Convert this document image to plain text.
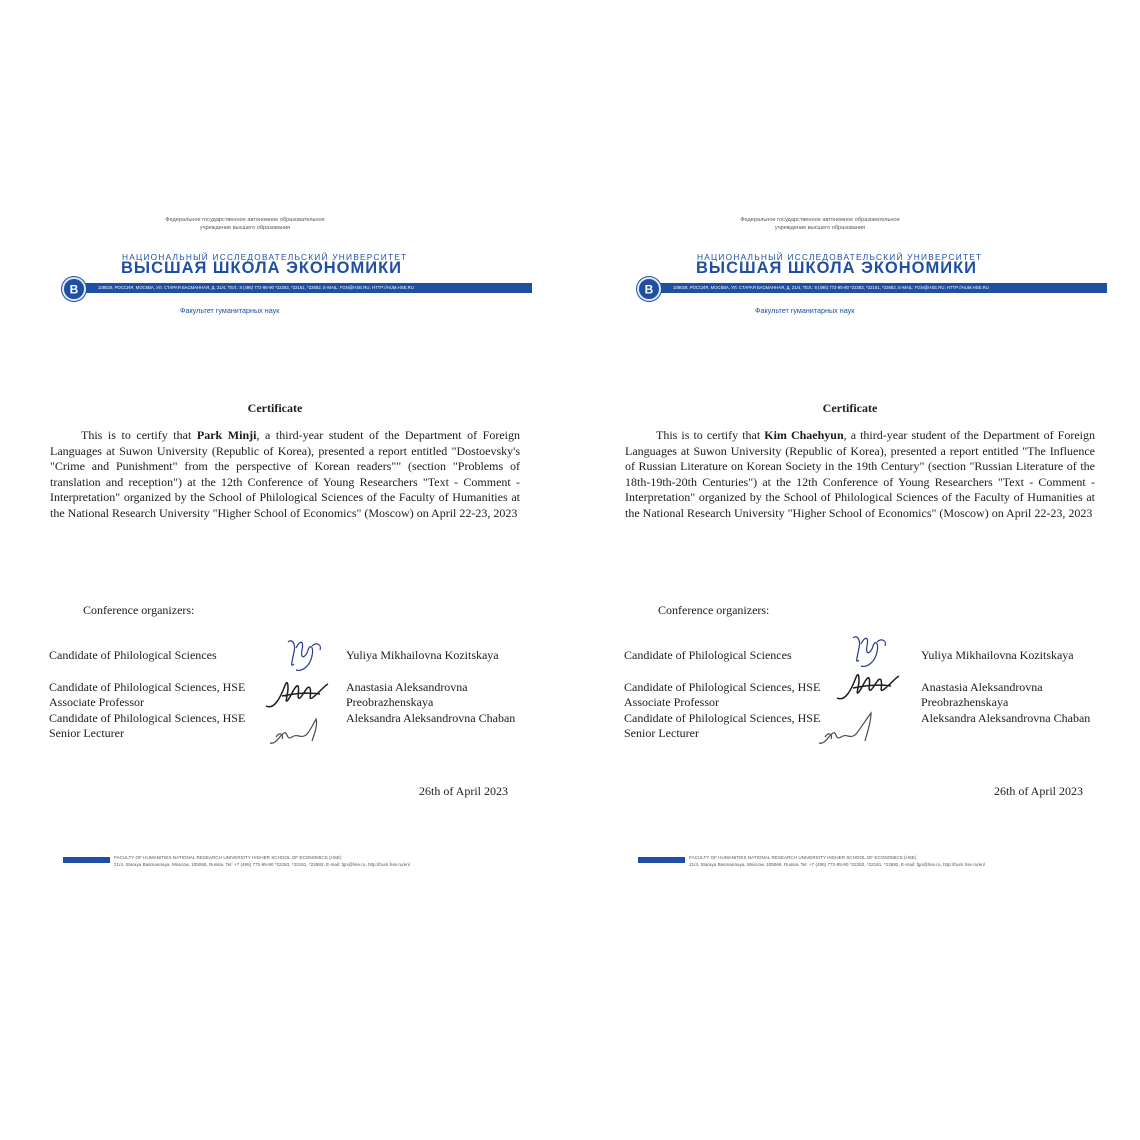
Федеральное государственное автономное образовательное
учреждение высшего образования
НАЦИОНАЛЬНЫЙ ИССЛЕДОВАТЕЛЬСКИЙ УНИВЕРСИТЕТ
ВЫСШАЯ ШКОЛА ЭКОНОМИКИ
109028, РОССИЯ, МОСКВА, УЛ. СТАРАЯ БАСМАННАЯ, Д. 21/4, ТЕЛ.: 8 (495) 772-95-90 *22283, *22161, *22682, E-MAIL: FGN@HSE.RU, HTTP://HUM.HSE.RU
В
Факультет гуманитарных наук
Certificate
This is to certify that Park Minji, a third-year student of the Department of Foreign Languages at Suwon University (Republic of Korea), presented a report entitled "Dostoevsky's "Crime and Punishment" from the perspective of Korean readers"" (section "Problems of translation and reception") at the 12th Conference of Young Researchers "Text - Comment - Interpretation" organized by the School of Philological Sciences of the Faculty of Humanities at the National Research University "Higher School of Economics" (Moscow) on April 22-23, 2023
Conference organizers:
Candidate of Philological Sciences	Yuliya Mikhailovna Kozitskaya
Candidate of Philological Sciences, HSE Associate Professor
Anastasia Aleksandrovna Preobrazhenskaya
Candidate of Philological Sciences, HSE Senior Lecturer
Aleksandra Aleksandrovna Chaban
26th of April 2023
FACULTY OF HUMANITIES NATIONAL RESEARCH UNIVERSITY HIGHER SCHOOL OF ECONOMICS (HSE)
21/4, Staraya Basmannaya, Moscow, 105066, Russia. Tel: +7 (495) 772-95-90 *22283, *22161, *22682, E-mail: fgn@hse.ru, http://hum.hse.ru/en/
Федеральное государственное автономное образовательное
учреждение высшего образования
НАЦИОНАЛЬНЫЙ ИССЛЕДОВАТЕЛЬСКИЙ УНИВЕРСИТЕТ
ВЫСШАЯ ШКОЛА ЭКОНОМИКИ
109028, РОССИЯ, МОСКВА, УЛ. СТАРАЯ БАСМАННАЯ, Д. 21/4, ТЕЛ.: 8 (495) 772-95-90 *22283, *22161, *22682, E-MAIL: FGN@HSE.RU, HTTP://HUM.HSE.RU
В
Факультет гуманитарных наук
Certificate
This is to certify that Kim Chaehyun, a third-year student of the Department of Foreign Languages at Suwon University (Republic of Korea), presented a report entitled "The Influence of Russian Literature on Korean Society in the 19th Century" (section "Russian Literature of the 18th-19th-20th Centuries") at the 12th Conference of Young Researchers "Text - Comment - Interpretation" organized by the School of Philological Sciences of the Faculty of Humanities at the National Research University "Higher School of Economics" (Moscow) on April 22-23, 2023
Conference organizers:
Candidate of Philological Sciences	Yuliya Mikhailovna Kozitskaya
Candidate of Philological Sciences, HSE Associate Professor
Anastasia Aleksandrovna Preobrazhenskaya
Candidate of Philological Sciences, HSE Senior Lecturer
Aleksandra Aleksandrovna Chaban
26th of April 2023
FACULTY OF HUMANITIES NATIONAL RESEARCH UNIVERSITY HIGHER SCHOOL OF ECONOMICS (HSE)
21/4, Staraya Basmannaya, Moscow, 105066, Russia. Tel: +7 (495) 772-95-90 *22283, *22161, *22682, E-mail: fgn@hse.ru, http://hum.hse.ru/en/
